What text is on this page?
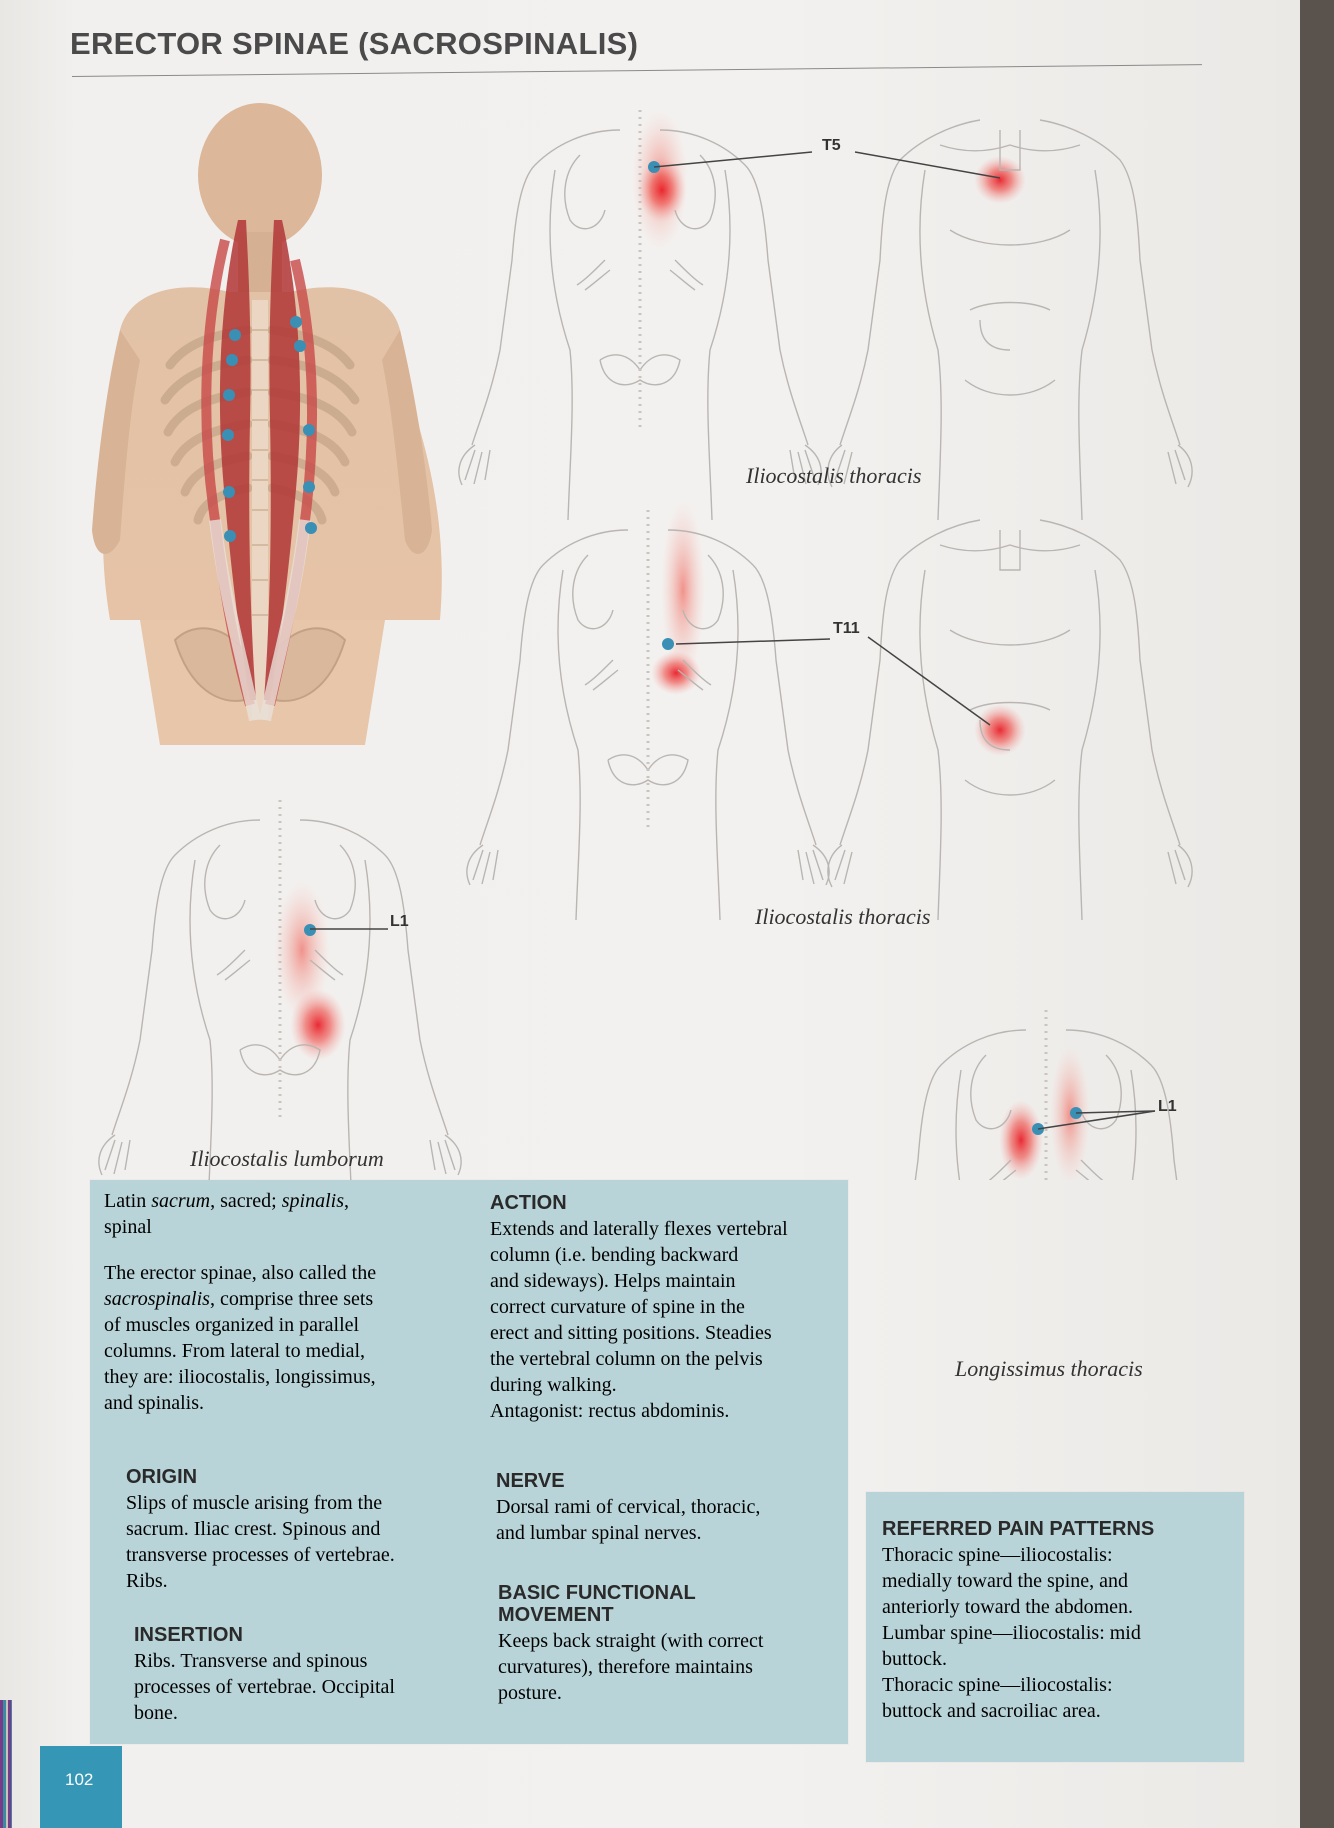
ERECTOR SPINAE (SACROSPINALIS)
T5
T11
L1
L1
Iliocostalis thoracis
Iliocostalis thoracis
Iliocostalis lumborum
Longissimus thoracis

Latin sacrum, sacred; spinalis,
spinal

The erector spinae, also called the
sacrospinalis, comprise three sets
of muscles organized in parallel
columns. From lateral to medial,
they are: iliocostalis, longissimus,
and spinalis.

ORIGIN
Slips of muscle arising from the
sacrum. Iliac crest. Spinous and
transverse processes of vertebrae.
Ribs.
INSERTION
Ribs. Transverse and spinous
processes of vertebrae. Occipital
bone.
ACTION
Extends and laterally flexes vertebral
column (i.e. bending backward
and sideways). Helps maintain
correct curvature of spine in the
erect and sitting positions. Steadies
the vertebral column on the pelvis
during walking.
Antagonist: rectus abdominis.
NERVE
Dorsal rami of cervical, thoracic,
and lumbar spinal nerves.
BASIC FUNCTIONAL
MOVEMENT
Keeps back straight (with correct
curvatures), therefore maintains
posture.
REFERRED PAIN PATTERNS
Thoracic spine—iliocostalis:
medially toward the spine, and
anteriorly toward the abdomen.
Lumbar spine—iliocostalis: mid
buttock.
Thoracic spine—iliocostalis:
buttock and sacroiliac area.
102
